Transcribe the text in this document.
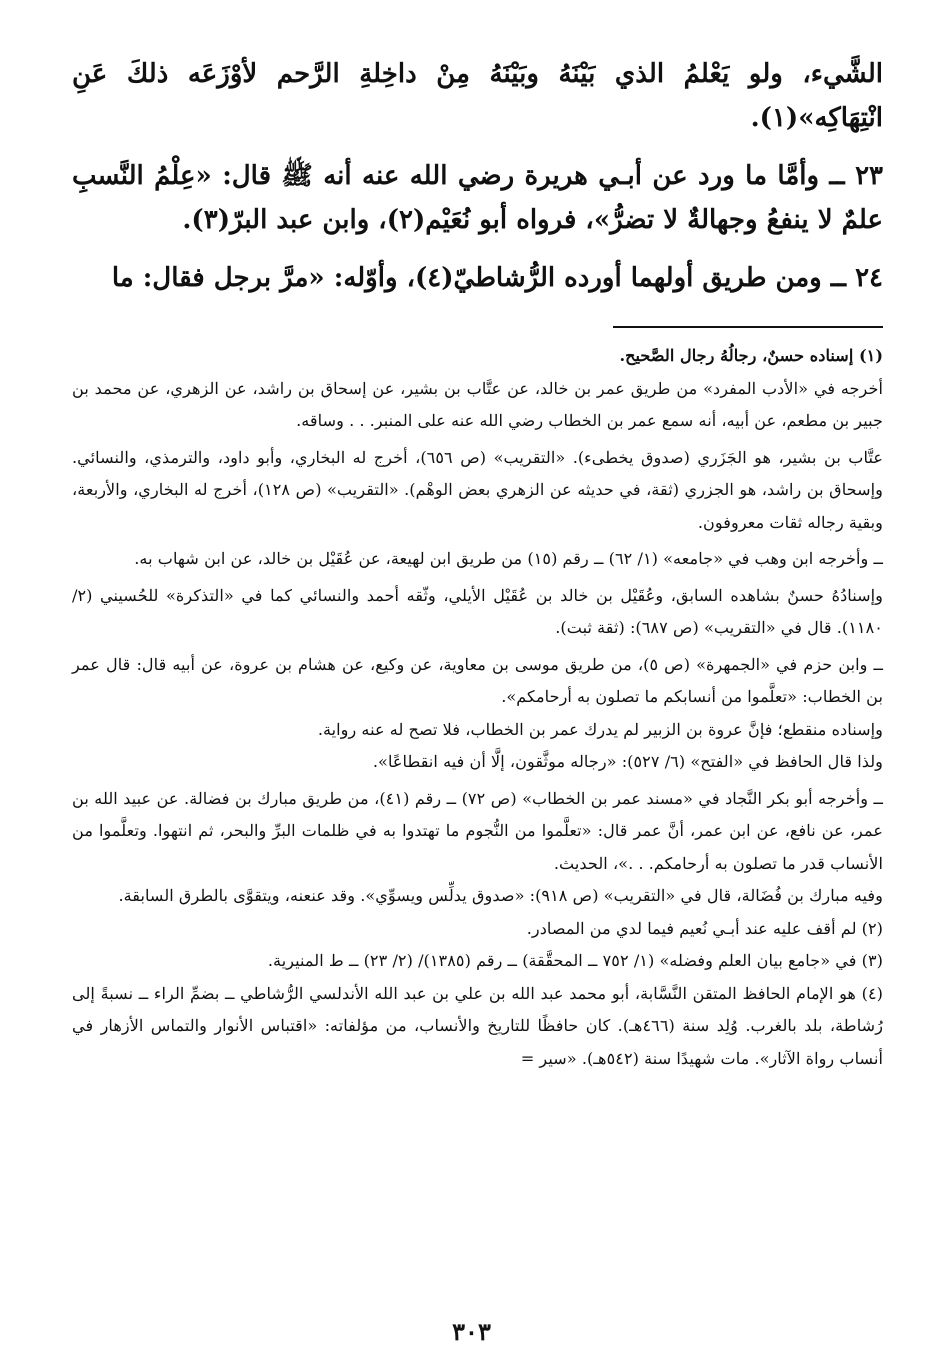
الشَّيء، ولو يَعْلمُ الذي بَيْنَهُ وبَيْنَهُ مِنْ داخِلةِ الرَّحم لأوْزَعَه ذلكَ عَنِ انْتِهَاكِه»(١).

٢٣ ــ وأمَّا ما ورد عن أبـي هريرة رضي الله عنه أنه ﷺ قال: «عِلْمُ النَّسبِ علمٌ لا ينفعُ وجهالةٌ لا تضرُّ»، فرواه أبو نُعَيْم(٢)، وابن عبد البرّ(٣).

٢٤ ــ ومن طريق أولهما أورده الرُّشاطيّ(٤)، وأوّله: «مرَّ برجل فقال: ما

(١) إسناده حسنٌ، رجالُهُ رجال الصَّحيح.

أخرجه في «الأدب المفرد» من طريق عمر بن خالد، عن عتَّاب بن بشير، عن إسحاق بن راشد، عن الزهري، عن محمد بن جبير بن مطعم، عن أبيه، أنه سمع عمر بن الخطاب رضي الله عنه على المنبر. . . وساقه.

عتَّاب بن بشير، هو الجَزَري (صدوق يخطىء). «التقريب» (ص ٦٥٦)، أخرج له البخاري، وأبو داود، والترمذي، والنسائي. وإسحاق بن راشد، هو الجزري (ثقة، في حديثه عن الزهري بعض الوهْم). «التقريب» (ص ١٢٨)، أخرج له البخاري، والأربعة، وبقية رجاله ثقات معروفون.

ــ وأخرجه ابن وهب في «جامعه» (١/ ٦٢) ــ رقم (١٥) من طريق ابن لهيعة، عن عُقَيْل بن خالد، عن ابن شهاب به.

وإسنادُهُ حسنٌ بشاهده السابق، وعُقَيْل بن خالد بن عُقَيْل الأيلي، وثّقه أحمد والنسائي كما في «التذكرة» للحُسيني (٢/ ١١٨٠). قال في «التقريب» (ص ٦٨٧): (ثقة ثبت).

ــ وابن حزم في «الجمهرة» (ص ٥)، من طريق موسى بن معاوية، عن وكيع، عن هشام بن عروة، عن أبيه قال: قال عمر بن الخطاب: «تعلَّموا من أنسابكم ما تصلون به أرحامكم».

وإسناده منقطع؛ فإنَّ عروة بن الزبير لم يدرك عمر بن الخطاب، فلا تصح له عنه رواية.

ولذا قال الحافظ في «الفتح» (٦/ ٥٢٧): «رجاله موثَّقون، إلَّا أن فيه انقطاعًا».

ــ وأخرجه أبو بكر النَّجاد في «مسند عمر بن الخطاب» (ص ٧٢) ــ رقم (٤١)، من طريق مبارك بن فضالة. عن عبيد الله بن عمر، عن نافع، عن ابن عمر، أنَّ عمر قال: «تعلَّموا من النُّجوم ما تهتدوا به في ظلمات البرِّ والبحر، ثم انتهوا. وتعلَّموا من الأنساب قدر ما تصلون به أرحامكم. . .»، الحديث.

وفيه مبارك بن فُضَالة، قال في «التقريب» (ص ٩١٨): «صدوق يدلِّس ويسوِّي». وقد عنعنه، ويتقوَّى بالطرق السابقة.

(٢) لم أقف عليه عند أبـي نُعيم فيما لدي من المصادر.

(٣) في «جامع بيان العلم وفضله» (١/ ٧٥٢ ــ المحقَّقة) ــ رقم (١٣٨٥)/ (٢/ ٢٣) ــ ط المنيرية.

(٤) هو الإمام الحافظ المتقن النَّسَّابة، أبو محمد عبد الله بن علي بن عبد الله الأندلسي الرُّشاطي ــ بضمِّ الراء ــ نسبةً إلى رُشاطة، بلد بالغرب. وُلِد سنة (٤٦٦هـ). كان حافظًا للتاريخ والأنساب، من مؤلفاته: «اقتباس الأنوار والتماس الأزهار في أنساب رواة الآثار». مات شهيدًا سنة (٥٤٢هـ). «سير =

٣٠٣
